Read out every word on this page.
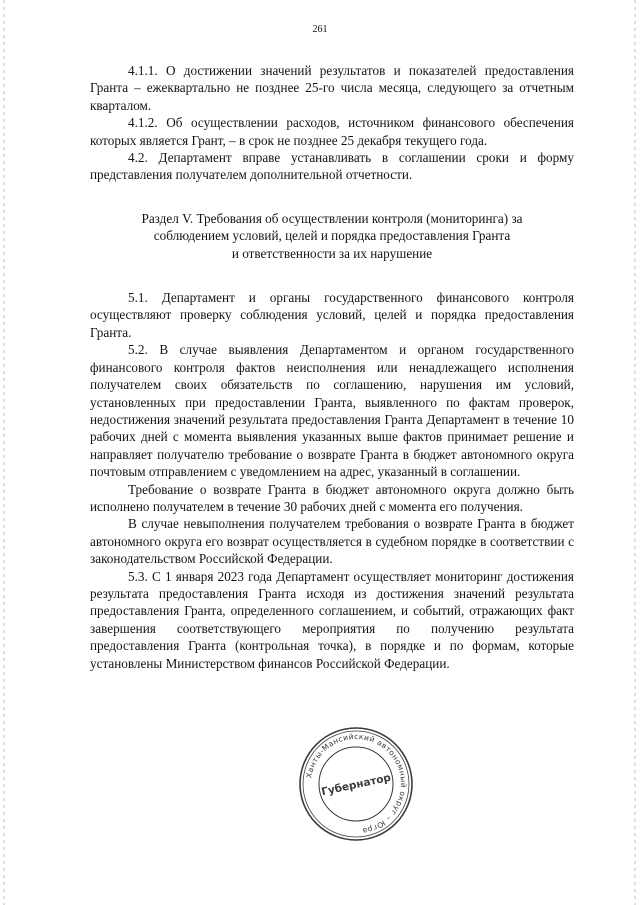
261

4.1.1. О достижении значений результатов и показателей предоставления Гранта – ежеквартально не позднее 25-го числа месяца, следующего за отчетным кварталом.

4.1.2. Об осуществлении расходов, источником финансового обеспечения которых является Грант, – в срок не позднее 25 декабря текущего года.

4.2. Департамент вправе устанавливать в соглашении сроки и форму представления получателем дополнительной отчетности.

Раздел V. Требования об осуществлении контроля (мониторинга) за
соблюдением условий, целей и порядка предоставления Гранта
и ответственности за их нарушение

5.1. Департамент и органы государственного финансового контроля осуществляют проверку соблюдения условий, целей и порядка предоставления Гранта.

5.2. В случае выявления Департаментом и органом государственного финансового контроля фактов неисполнения или ненадлежащего исполнения получателем своих обязательств по соглашению, нарушения им условий, установленных при предоставлении Гранта, выявленного по фактам проверок, недостижения значений результата предоставления Гранта Департамент в течение 10 рабочих дней с момента выявления указанных выше фактов принимает решение и направляет получателю требование о возврате Гранта в бюджет автономного округа почтовым отправлением с уведомлением на адрес, указанный в соглашении.

Требование о возврате Гранта в бюджет автономного округа должно быть исполнено получателем в течение 30 рабочих дней с момента его получения.

В случае невыполнения получателем требования о возврате Гранта в бюджет автономного округа его возврат осуществляется в судебном порядке в соответствии с законодательством Российской Федерации.

5.3. С 1 января 2023 года Департамент осуществляет мониторинг достижения результата предоставления Гранта исходя из достижения значений результата предоставления Гранта, определенного соглашением, и событий, отражающих факт завершения соответствующего мероприятия по получению результата предоставления Гранта (контрольная точка), в порядке и по формам, которые установлены Министерством финансов Российской Федерации.

Ханты-Мансийский автономный округ – Югра
Губернатор
